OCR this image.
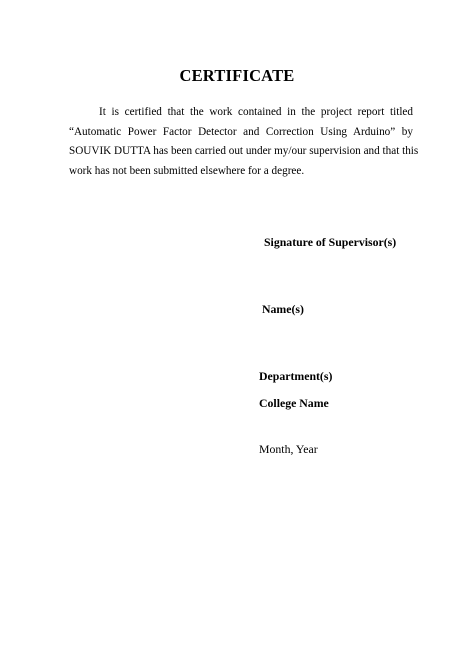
CERTIFICATE
It is certified that the work contained in the project report titled
“Automatic Power Factor Detector and Correction Using Arduino” by
SOUVIK DUTTA has been carried out under my/our supervision and that this
work has not been submitted elsewhere for a degree.
Signature of Supervisor(s)
Name(s)
Department(s)
College Name
Month, Year
